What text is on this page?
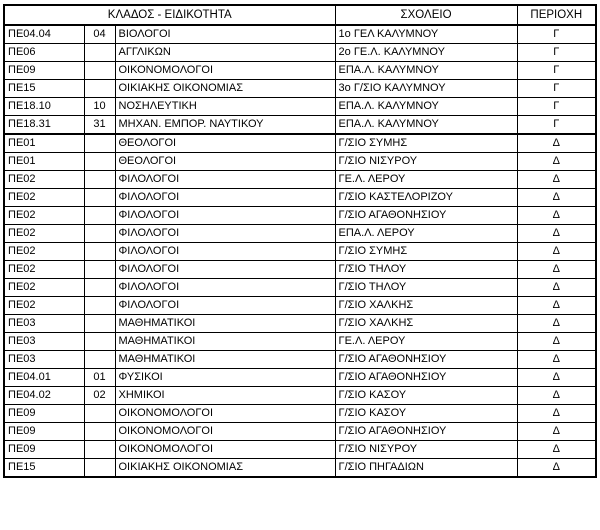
ΚΛΑΔΟΣ - ΕΙΔΙΚΟΤΗΤΑ			ΣΧΟΛΕΙΟ	ΠΕΡΙΟΧΗ
ΠΕ04.04	04	ΒΙΟΛΟΓΟΙ	1ο ΓΕΛ ΚΑΛΥΜΝΟΥ	Γ
ΠΕ06		ΑΓΓΛΙΚΩΝ	2ο ΓΕ.Λ. ΚΑΛΥΜΝΟΥ	Γ
ΠΕ09		ΟΙΚΟΝΟΜΟΛΟΓΟΙ	ΕΠΑ.Λ. ΚΑΛΥΜΝΟΥ	Γ
ΠΕ15		ΟΙΚΙΑΚΗΣ ΟΙΚΟΝΟΜΙΑΣ	3ο Γ/ΣΙΟ ΚΑΛΥΜΝΟΥ	Γ
ΠΕ18.10	10	ΝΟΣΗΛΕΥΤΙΚΗ	ΕΠΑ.Λ. ΚΑΛΥΜΝΟΥ	Γ
ΠΕ18.31	31	ΜΗΧΑΝ. ΕΜΠΟΡ. ΝΑΥΤΙΚΟΥ	ΕΠΑ.Λ. ΚΑΛΥΜΝΟΥ	Γ
ΠΕ01		ΘΕΟΛΟΓΟΙ	Γ/ΣΙΟ ΣΥΜΗΣ	Δ
ΠΕ01		ΘΕΟΛΟΓΟΙ	Γ/ΣΙΟ ΝΙΣΥΡΟΥ	Δ
ΠΕ02		ΦΙΛΟΛΟΓΟΙ	ΓΕ.Λ. ΛΕΡΟΥ	Δ
ΠΕ02		ΦΙΛΟΛΟΓΟΙ	Γ/ΣΙΟ ΚΑΣΤΕΛΟΡΙΖΟΥ	Δ
ΠΕ02		ΦΙΛΟΛΟΓΟΙ	Γ/ΣΙΟ ΑΓΑΘΟΝΗΣΙΟΥ	Δ
ΠΕ02		ΦΙΛΟΛΟΓΟΙ	ΕΠΑ.Λ. ΛΕΡΟΥ	Δ
ΠΕ02		ΦΙΛΟΛΟΓΟΙ	Γ/ΣΙΟ ΣΥΜΗΣ	Δ
ΠΕ02		ΦΙΛΟΛΟΓΟΙ	Γ/ΣΙΟ ΤΗΛΟΥ	Δ
ΠΕ02		ΦΙΛΟΛΟΓΟΙ	Γ/ΣΙΟ ΤΗΛΟΥ	Δ
ΠΕ02		ΦΙΛΟΛΟΓΟΙ	Γ/ΣΙΟ ΧΑΛΚΗΣ	Δ
ΠΕ03		ΜΑΘΗΜΑΤΙΚΟΙ	Γ/ΣΙΟ ΧΑΛΚΗΣ	Δ
ΠΕ03		ΜΑΘΗΜΑΤΙΚΟΙ	ΓΕ.Λ. ΛΕΡΟΥ	Δ
ΠΕ03		ΜΑΘΗΜΑΤΙΚΟΙ	Γ/ΣΙΟ ΑΓΑΘΟΝΗΣΙΟΥ	Δ
ΠΕ04.01	01	ΦΥΣΙΚΟΙ	Γ/ΣΙΟ ΑΓΑΘΟΝΗΣΙΟΥ	Δ
ΠΕ04.02	02	ΧΗΜΙΚΟΙ	Γ/ΣΙΟ ΚΑΣΟΥ	Δ
ΠΕ09		ΟΙΚΟΝΟΜΟΛΟΓΟΙ	Γ/ΣΙΟ ΚΑΣΟΥ	Δ
ΠΕ09		ΟΙΚΟΝΟΜΟΛΟΓΟΙ	Γ/ΣΙΟ ΑΓΑΘΟΝΗΣΙΟΥ	Δ
ΠΕ09		ΟΙΚΟΝΟΜΟΛΟΓΟΙ	Γ/ΣΙΟ ΝΙΣΥΡΟΥ	Δ
ΠΕ15		ΟΙΚΙΑΚΗΣ ΟΙΚΟΝΟΜΙΑΣ	Γ/ΣΙΟ ΠΗΓΑΔΙΩΝ	Δ
